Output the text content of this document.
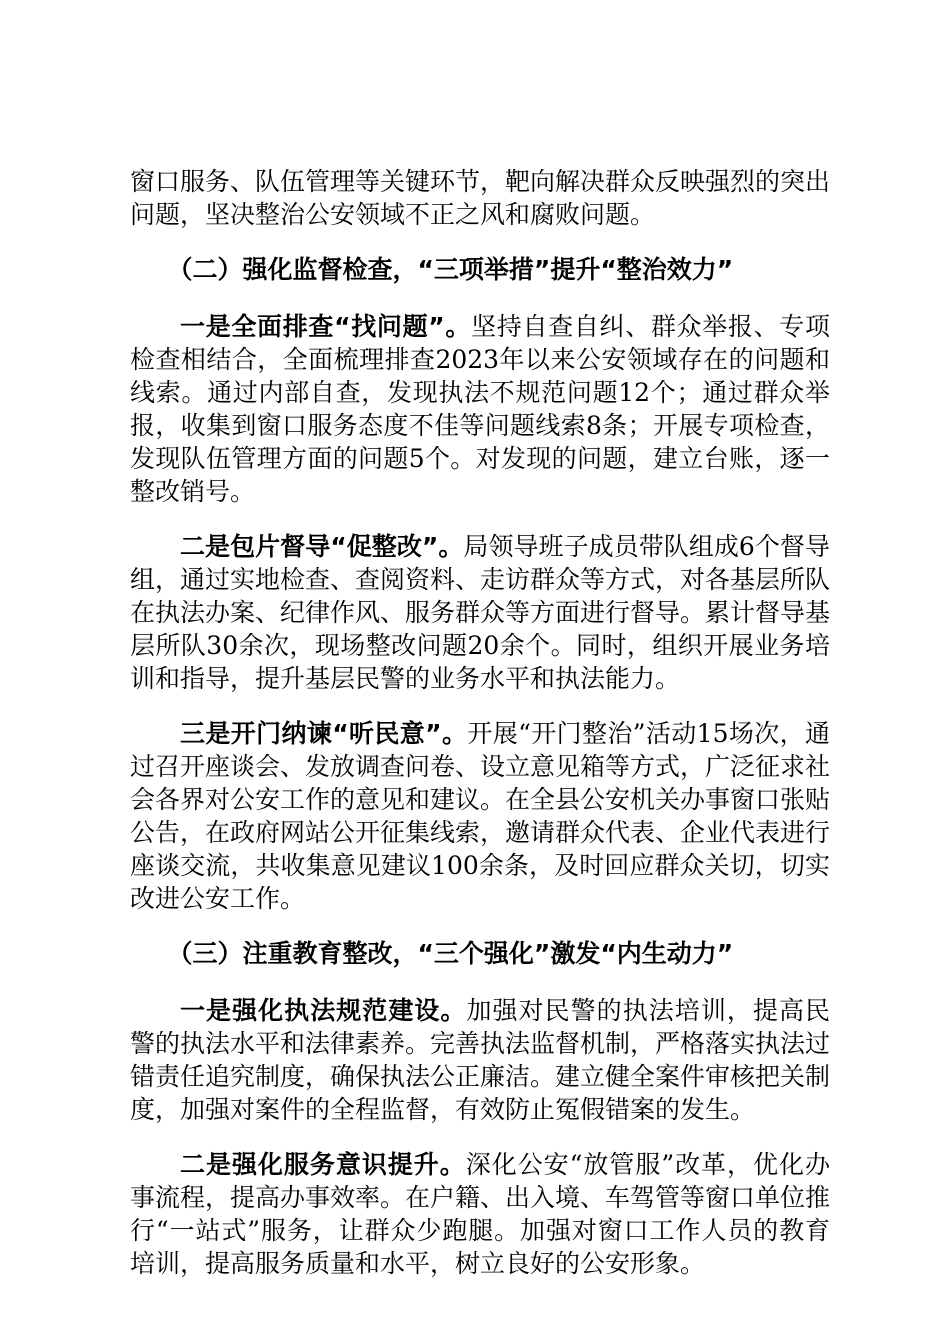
窗口服务、队伍管理等关键环节，靶向解决群众反映强烈的突出问题，坚决整治公安领域不正之风和腐败问题。

（二）强化监督检查，“三项举措”提升“整治效力”

一是全面排查“找问题”。坚持自查自纠、群众举报、专项检查相结合，全面梳理排查2023年以来公安领域存在的问题和线索。通过内部自查，发现执法不规范问题12个；通过群众举报，收集到窗口服务态度不佳等问题线索8条；开展专项检查，发现队伍管理方面的问题5个。对发现的问题，建立台账，逐一整改销号。

二是包片督导“促整改”。局领导班子成员带队组成6个督导组，通过实地检查、查阅资料、走访群众等方式，对各基层所队在执法办案、纪律作风、服务群众等方面进行督导。累计督导基层所队30余次，现场整改问题20余个。同时，组织开展业务培训和指导，提升基层民警的业务水平和执法能力。

三是开门纳谏“听民意”。开展“开门整治”活动15场次，通过召开座谈会、发放调查问卷、设立意见箱等方式，广泛征求社会各界对公安工作的意见和建议。在全县公安机关办事窗口张贴公告，在政府网站公开征集线索，邀请群众代表、企业代表进行座谈交流，共收集意见建议100余条，及时回应群众关切，切实改进公安工作。

（三）注重教育整改，“三个强化”激发“内生动力”

一是强化执法规范建设。加强对民警的执法培训，提高民警的执法水平和法律素养。完善执法监督机制，严格落实执法过错责任追究制度，确保执法公正廉洁。建立健全案件审核把关制度，加强对案件的全程监督，有效防止冤假错案的发生。

二是强化服务意识提升。深化公安“放管服”改革，优化办事流程，提高办事效率。在户籍、出入境、车驾管等窗口单位推行“一站式”服务，让群众少跑腿。加强对窗口工作人员的教育培训，提高服务质量和水平，树立良好的公安形象。
